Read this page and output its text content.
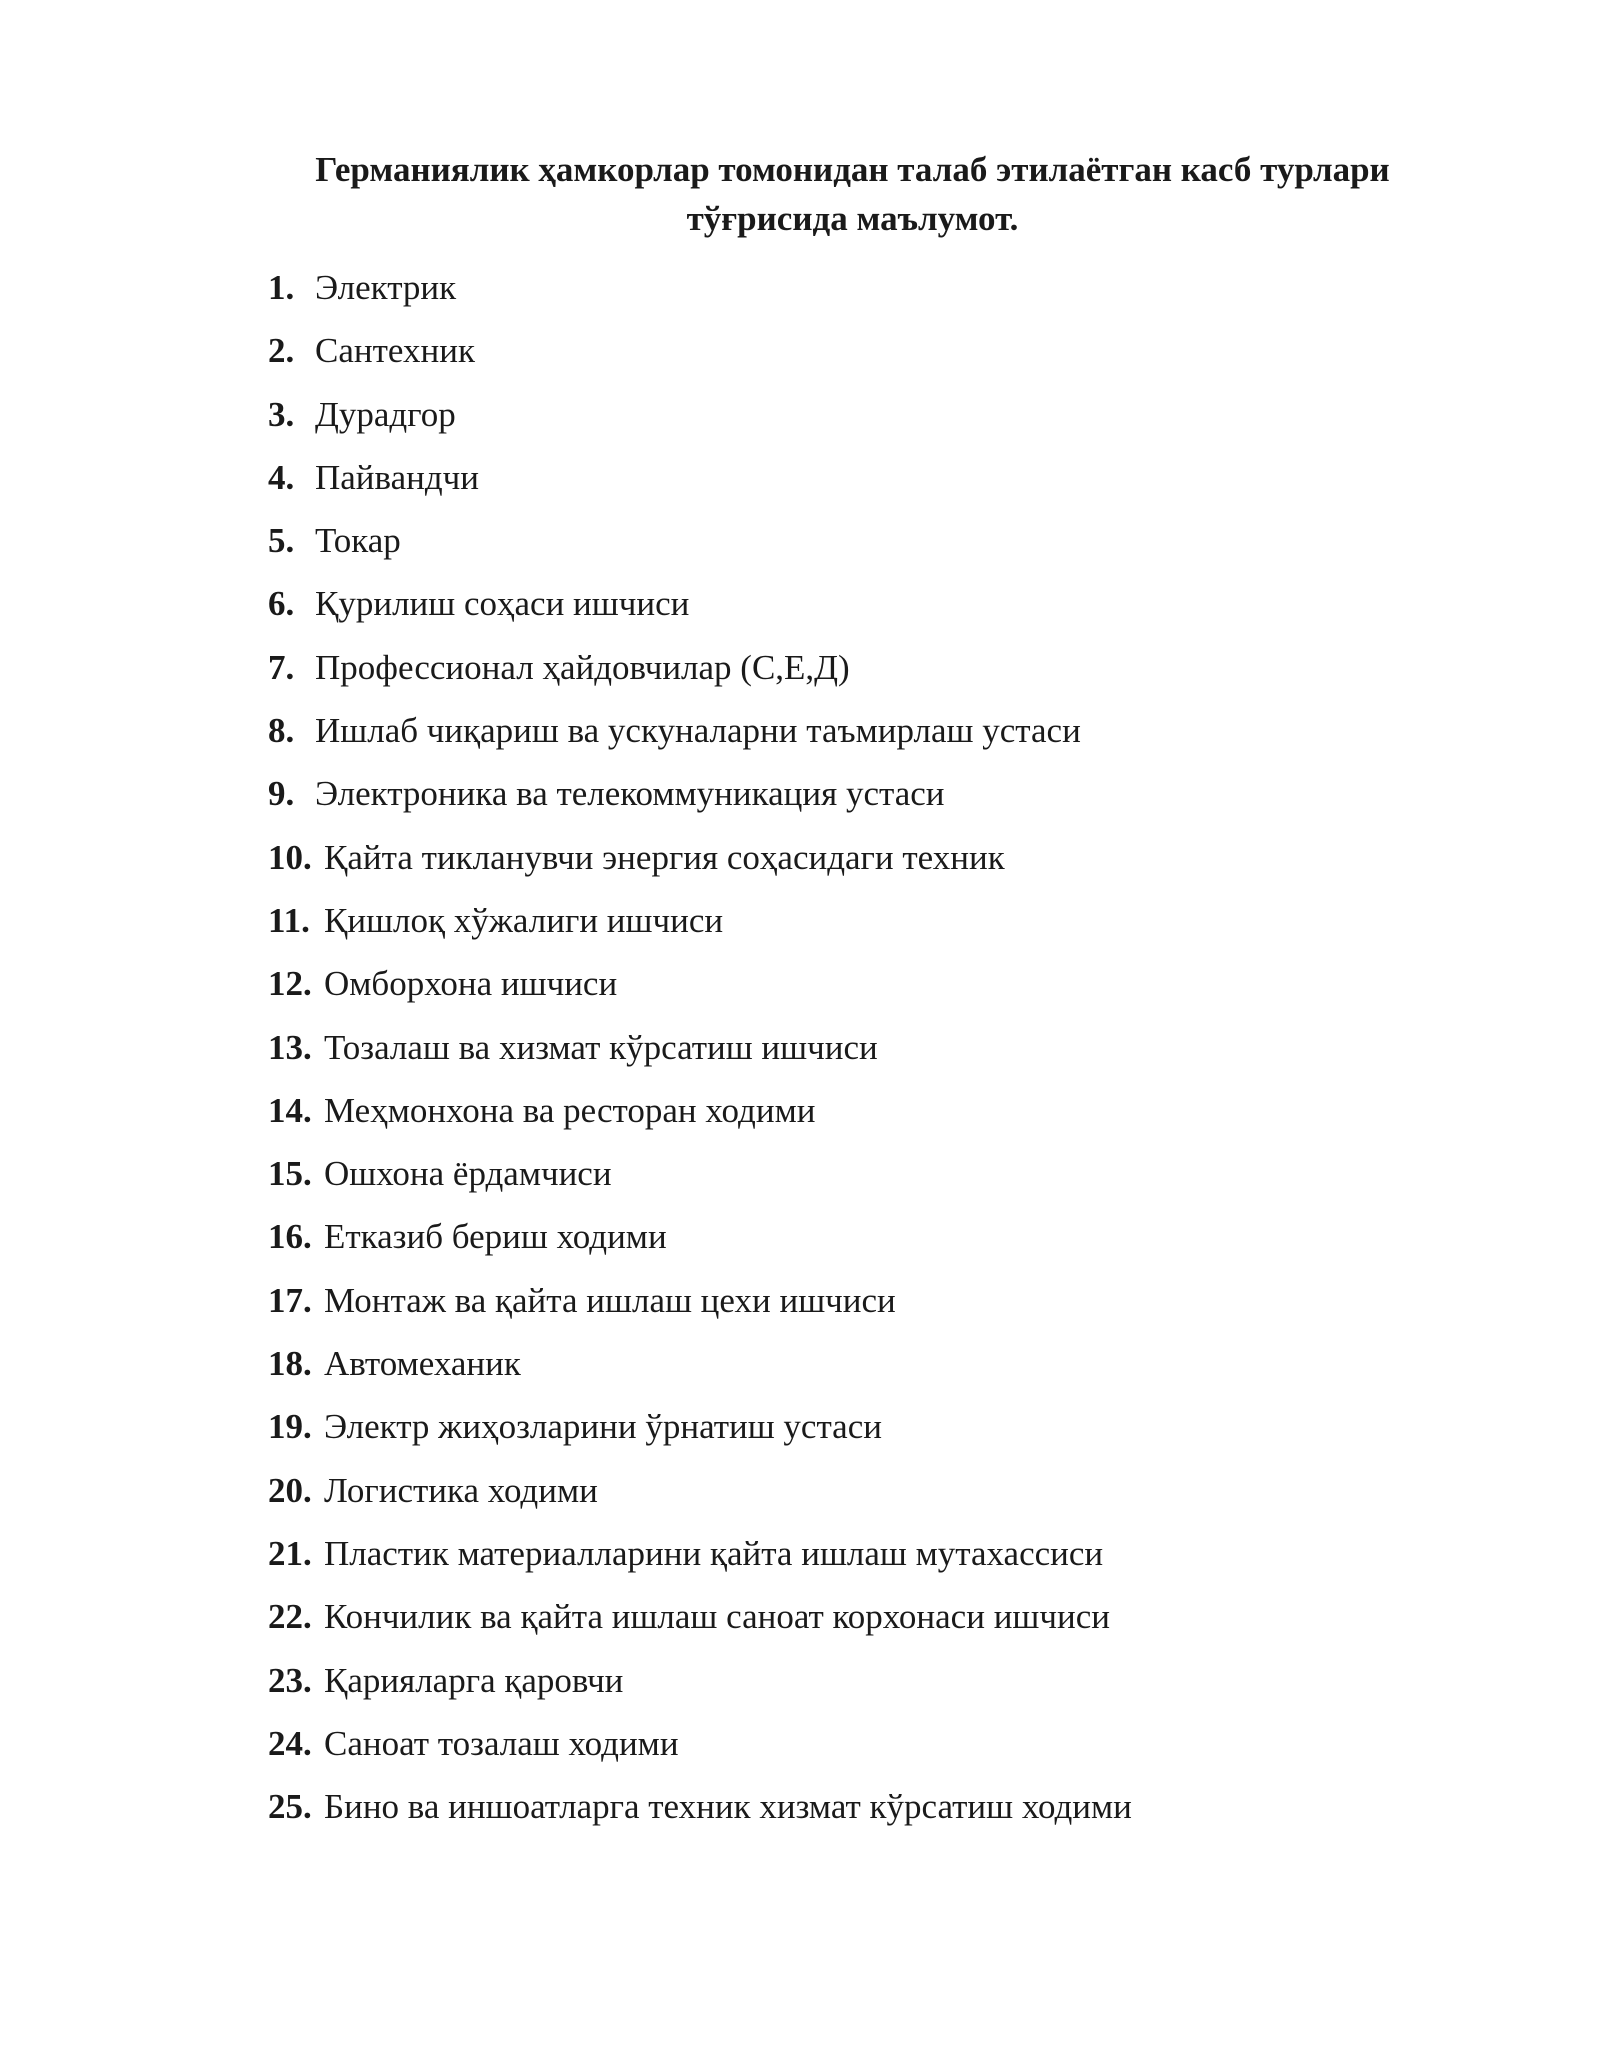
Германиялик ҳамкорлар томонидан талаб этилаётган касб турлари
тўғрисида маълумот.
1. Электрик
2. Сантехник
3. Дурадгор
4. Пайвандчи
5. Токар
6. Қурилиш соҳаси ишчиси
7. Профессионал ҳайдовчилар (С,Е,Д)
8. Ишлаб чиқариш ва ускуналарни таъмирлаш устаси
9. Электроника ва телекоммуникация устаси
10. Қайта тикланувчи энергия соҳасидаги техник
11. Қишлоқ хўжалиги ишчиси
12. Омборхона ишчиси
13. Тозалаш ва хизмат кўрсатиш ишчиси
14. Меҳмонхона ва ресторан ходими
15. Ошхона ёрдамчиси
16. Етказиб бериш ходими
17. Монтаж ва қайта ишлаш цехи ишчиси
18. Автомеханик
19. Электр жиҳозларини ўрнатиш устаси
20. Логистика ходими
21. Пластик материалларини қайта ишлаш мутахассиси
22. Кончилик ва қайта ишлаш саноат корхонаси ишчиси
23. Қарияларга қаровчи
24. Саноат тозалаш ходими
25. Бино ва иншоатларга техник хизмат кўрсатиш ходими
